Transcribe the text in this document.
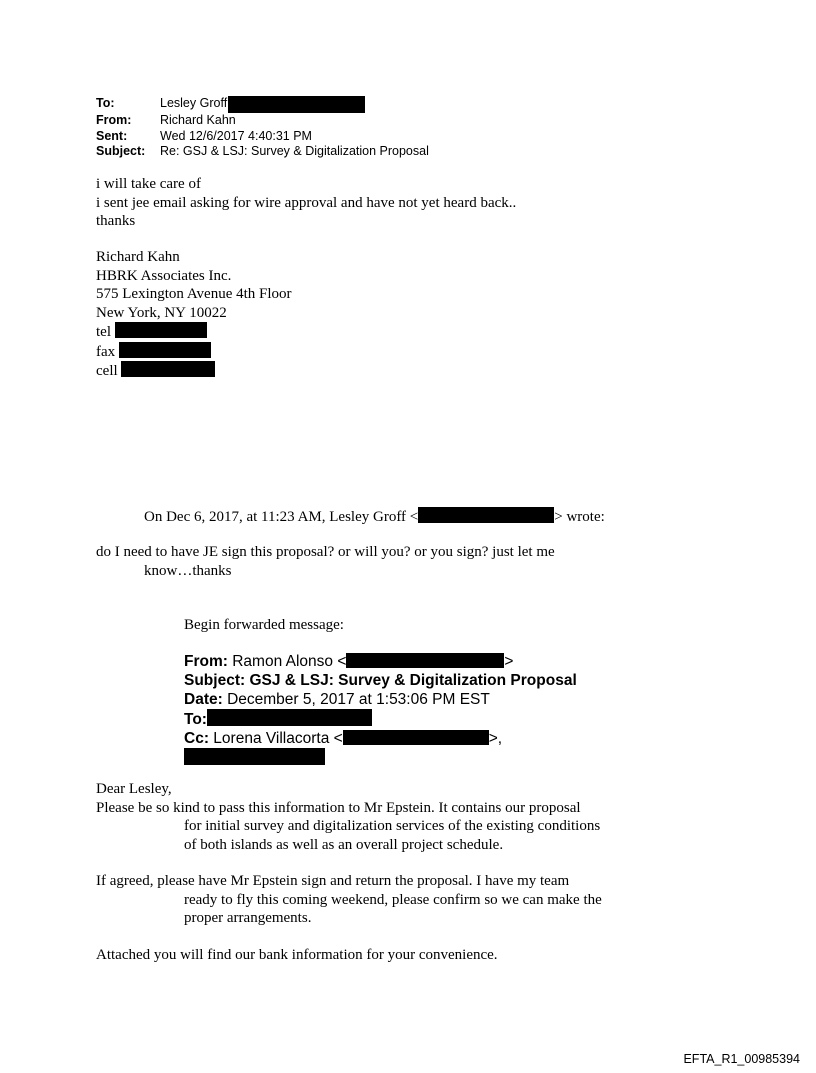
To:	Lesley Groff
From:	Richard Kahn
Sent:	Wed 12/6/2017 4:40:31 PM
Subject:	Re: GSJ & LSJ: Survey & Digitalization Proposal
i will take care of
i sent jee email asking for wire approval and have not yet heard back..
thanks
Richard Kahn
HBRK Associates Inc.
575 Lexington Avenue 4th Floor
New York, NY 10022
tel
fax
cell
On Dec 6, 2017, at 11:23 AM, Lesley Groff <	> wrote:
do I need to have JE sign this proposal? or will you? or you sign? just let me
know…thanks
Begin forwarded message:
From: Ramon Alonso <	>
Subject: GSJ & LSJ: Survey & Digitalization Proposal
Date: December 5, 2017 at 1:53:06 PM EST
To:
Cc: Lorena Villacorta <	>,
Dear Lesley,
Please be so kind to pass this information to Mr Epstein. It contains our proposal
for initial survey and digitalization services of the existing conditions
of both islands as well as an overall project schedule.
If agreed, please have Mr Epstein sign and return the proposal. I have my team
ready to fly this coming weekend, please confirm so we can make the
proper arrangements.
Attached you will find our bank information for your convenience.
EFTA_R1_00985394
